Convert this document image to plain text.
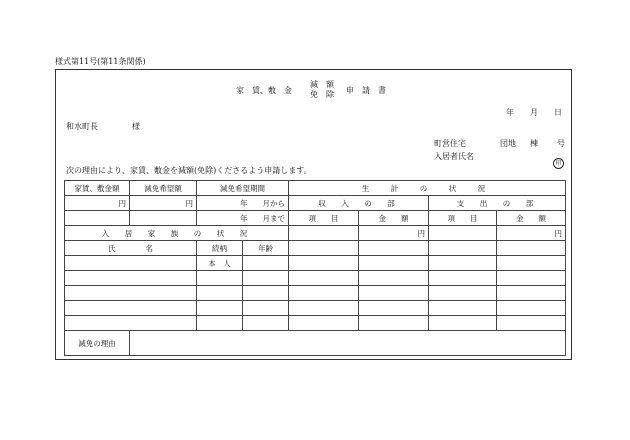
様式第11号(第11条関係)
家　賃、敷　金
減　額
免　除 申　請　書
年　　月　　日
和水町長	様
町営住宅	団地 棟 号
入居者氏名
印
次の理由により、家賃、敷金を減額(免除)くださるよう申請します。
家賃、敷金額	減免希望額	減免希望期間		生　計　の　状　況			
円	円	年　　月から		収　入　の　部		支　出　の　部	
		年　　月まで		項　　目	金　　額	項　　目	金　　額
入　居　家　族　の　状　況					円		円
氏　　　　名		続柄	年齢				
		本　人					

減免の理由							
